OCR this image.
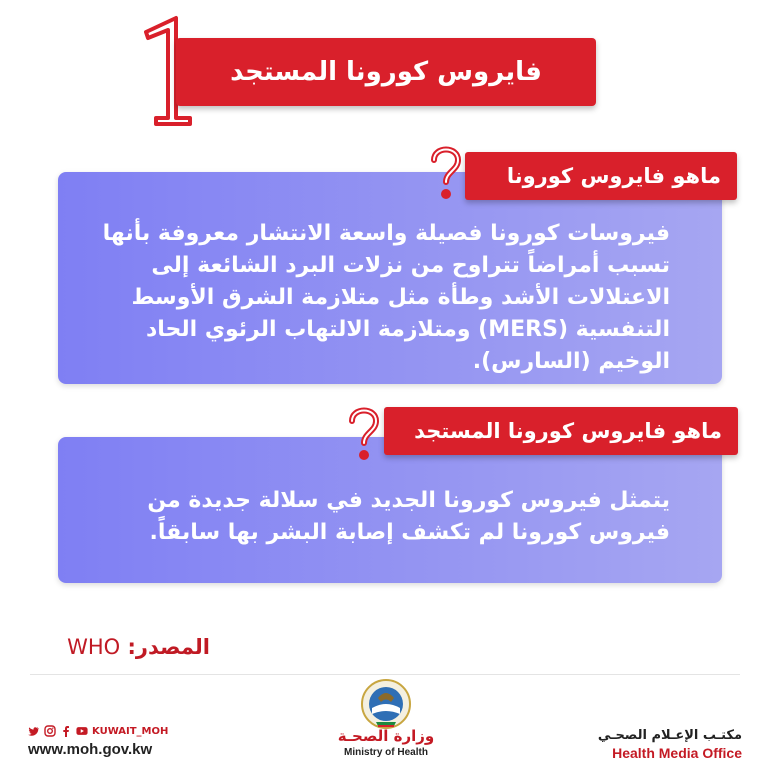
فايروس كورونا المستجد

فيروسات كورونا فصيلة واسعة الانتشار معروفة بأنها تسبب أمراضاً تتراوح من نزلات البرد الشائعة إلى الاعتلالات الأشد وطأة مثل متلازمة الشرق الأوسط التنفسية (MERS) ومتلازمة الالتهاب الرئوي الحاد الوخيم (السارس).

ماهو فايروس كورونا

يتمثل فيروس كورونا الجديد في سلالة جديدة من فيروس كورونا لم تكشف إصابة البشر بها سابقاً.

ماهو فايروس كورونا المستجد
المصدر: WHO
KUWAIT_MOH
www.moh.gov.kw
وزارة الصحـة
Ministry of Health
مكتـب الإعـلام الصحـي
Health Media Office
